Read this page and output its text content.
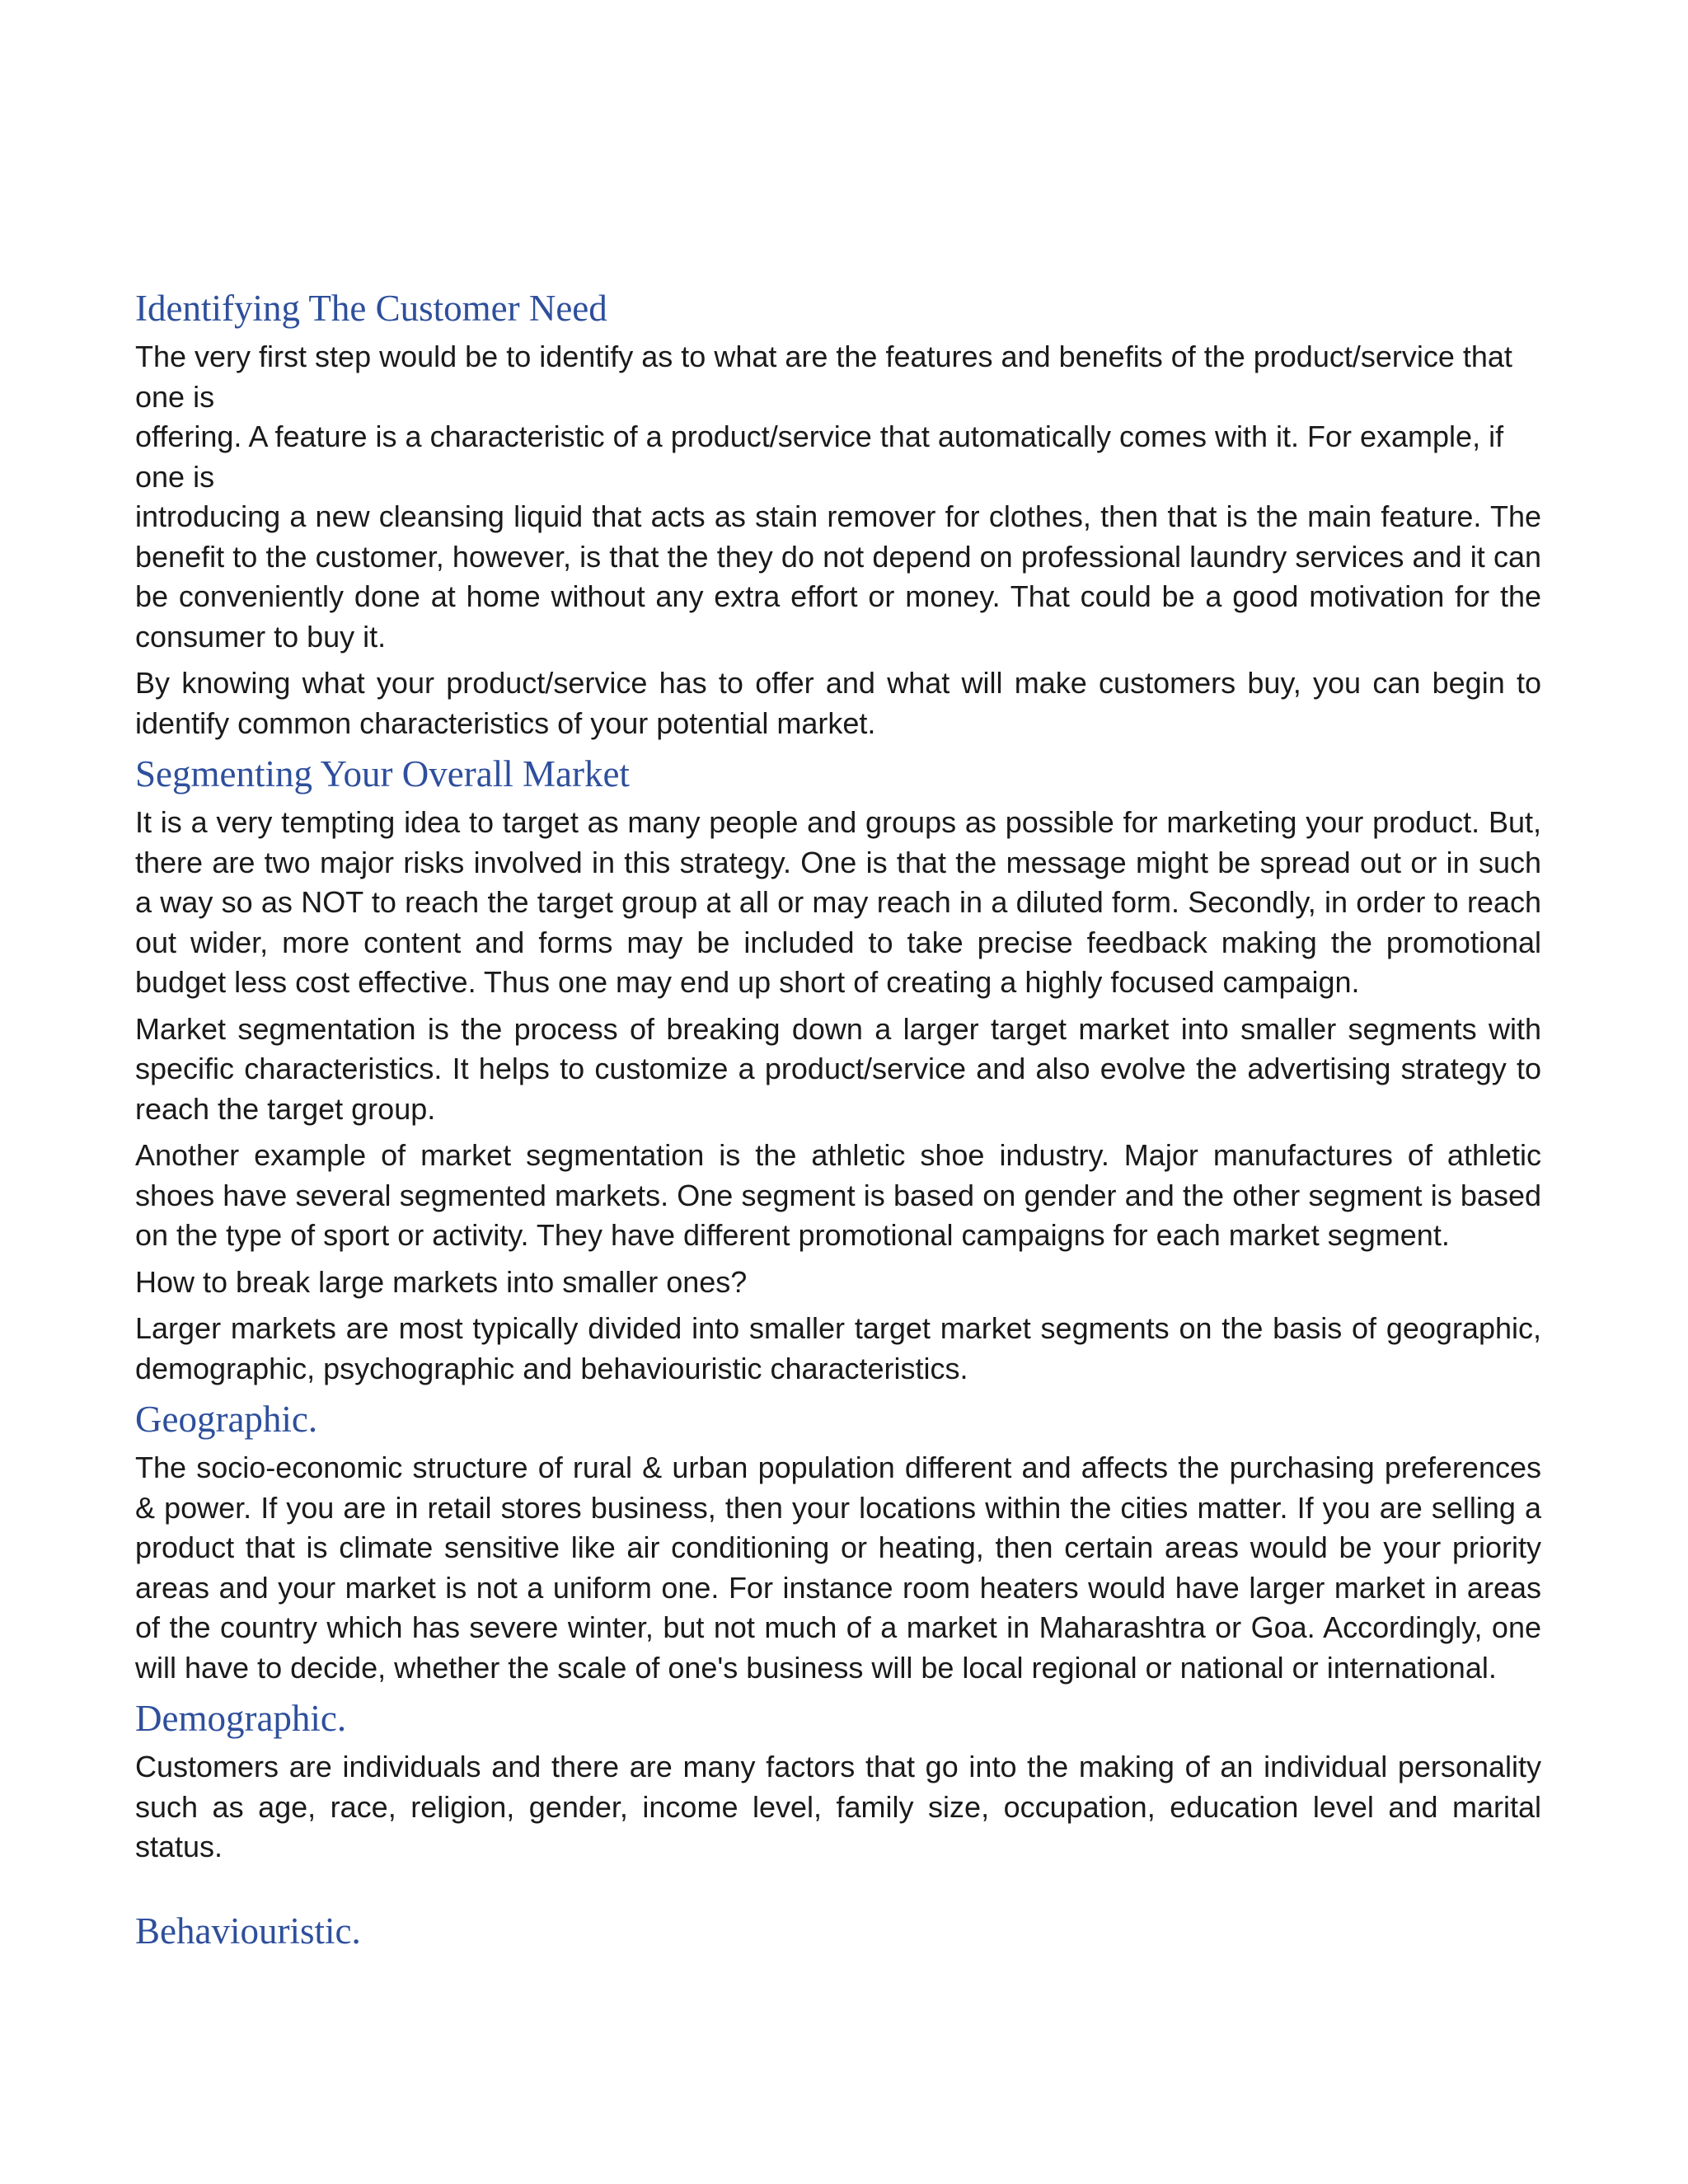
Identifying The Customer Need

The very first step would be to identify as to what are the features and benefits of the product/service that one is

offering. A feature is a characteristic of a product/service that automatically comes with it. For example, if one is

introducing a new cleansing liquid that acts as stain remover for clothes, then that is the main feature. The benefit to the customer, however, is that the they do not depend on professional laundry services and it can be conveniently done at home without any extra effort or money. That could be a good motivation for the consumer to buy it.

By knowing what your product/service has to offer and what will make customers buy, you can begin to identify common characteristics of your potential market.

Segmenting Your Overall Market

It is a very tempting idea to target as many people and groups as possible for marketing your product. But, there are two major risks involved in this strategy. One is that the message might be spread out or in such a way so as NOT to reach the target group at all or may reach in a diluted form. Secondly, in order to reach out wider, more content and forms may be included to take precise feedback making the promotional budget less cost effective. Thus one may end up short of creating a highly focused campaign.

Market segmentation is the process of breaking down a larger target market into smaller segments with specific characteristics. It helps to customize a product/service and also evolve the advertising strategy to reach the target group.

Another example of market segmentation is the athletic shoe industry. Major manufactures of athletic shoes have several segmented markets. One segment is based on gender and the other segment is based on the type of sport or activity. They have different promotional campaigns for each market segment.

How to break large markets into smaller ones?

Larger markets are most typically divided into smaller target market segments on the basis of geographic, demographic, psychographic and behaviouristic characteristics.

Geographic.

The socio-economic structure of rural & urban population different and affects the purchasing preferences & power. If you are in retail stores business, then your locations within the cities matter. If you are selling a product that is climate sensitive like air conditioning or heating, then certain areas would be your priority areas and your market is not a uniform one. For instance room heaters would have larger market in areas of the country which has severe winter, but not much of a market in Maharashtra or Goa. Accordingly, one will have to decide, whether the scale of one's business will be local regional or national or international.

Demographic.

Customers are individuals and there are many factors that go into the making of an individual personality such as age, race, religion, gender, income level, family size, occupation, education level and marital status.

Behaviouristic.
